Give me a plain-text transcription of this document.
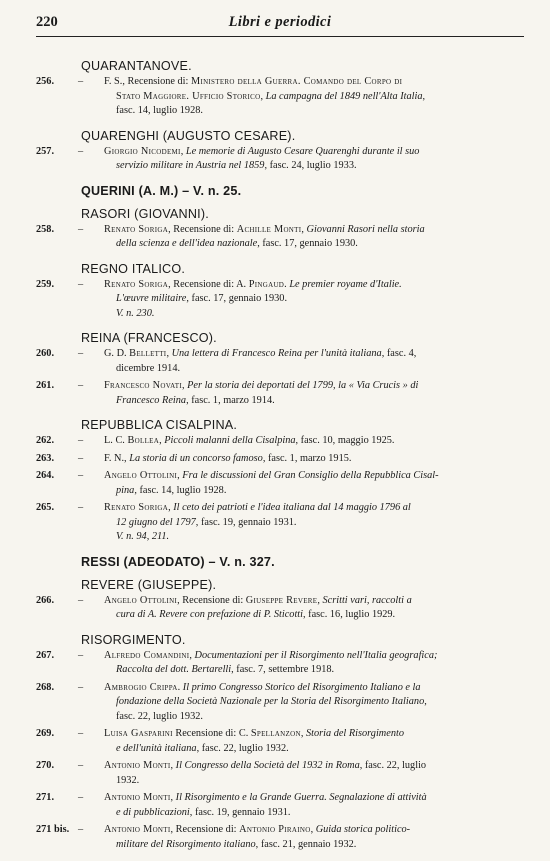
220	Libri e periodici
QUARANTANOVE.
256. – F. S., Recensione di: Ministero della Guerra. Comando del Corpo di
Stato Maggiore. Ufficio Storico, La campagna del 1849 nell'Alta Italia,
fasc. 14, luglio 1928.
QUARENGHI (AUGUSTO CESARE).
257. – Giorgio Nicodemi, Le memorie di Augusto Cesare Quarenghi durante il suo
servizio militare in Austria nel 1859, fasc. 24, luglio 1933.
QUERINI (A. M.) – V. n. 25.
RASORI (GIOVANNI).
258. – Renato Soriga, Recensione di: Achille Monti, Giovanni Rasori nella storia
della scienza e dell'idea nazionale, fasc. 17, gennaio 1930.
REGNO ITALICO.
259. – Renato Soriga, Recensione di: A. Pingaud. Le premier royame d'Italie.
L'œuvre militaire, fasc. 17, gennaio 1930.
V. n. 230.
REINA (FRANCESCO).
260. – G. D. Belletti, Una lettera di Francesco Reina per l'unità italiana, fasc. 4,
dicembre 1914.
261. – Francesco Novati, Per la storia dei deportati del 1799, la « Via Crucis » di
Francesco Reina, fasc. 1, marzo 1914.
REPUBBLICA CISALPINA.
262. – L. C. Bollea, Piccoli malanni della Cisalpina, fasc. 10, maggio 1925.
263. – F. N., La storia di un concorso famoso, fasc. 1, marzo 1915.
264. – Angelo Ottolini, Fra le discussioni del Gran Consiglio della Repubblica Cisal-
pina, fasc. 14, luglio 1928.
265. – Renato Soriga, Il ceto dei patrioti e l'idea italiana dal 14 maggio 1796 al
12 giugno del 1797, fasc. 19, gennaio 1931.
V. n. 94, 211.
RESSI (ADEODATO) – V. n. 327.
REVERE (GIUSEPPE).
266. – Angelo Ottolini, Recensione di: Giuseppe Revere, Scritti vari, raccolti a
cura di A. Revere con prefazione di P. Sticotti, fasc. 16, luglio 1929.
RISORGIMENTO.
267. – Alfredo Comandini, Documentazioni per il Risorgimento nell'Italia geografica;
Raccolta del dott. Bertarelli, fasc. 7, settembre 1918.
268. – Ambrogio Crippa. Il primo Congresso Storico del Risorgimento Italiano e la
fondazione della Società Nazionale per la Storia del Risorgimento Italiano,
fasc. 22, luglio 1932.
269. – Luisa Gasparini Recensione di: C. Spellanzon, Storia del Risorgimento
e dell'unità italiana, fasc. 22, luglio 1932.
270. – Antonio Monti, Il Congresso della Società del 1932 in Roma, fasc. 22, luglio
1932.
271. – Antonio Monti, Il Risorgimento e la Grande Guerra. Segnalazione di attività
e di pubblicazioni, fasc. 19, gennaio 1931.
271 bis. – Antonio Monti, Recensione di: Antonio Piraino, Guida storica politico-
militare del Risorgimento italiano, fasc. 21, gennaio 1932.
